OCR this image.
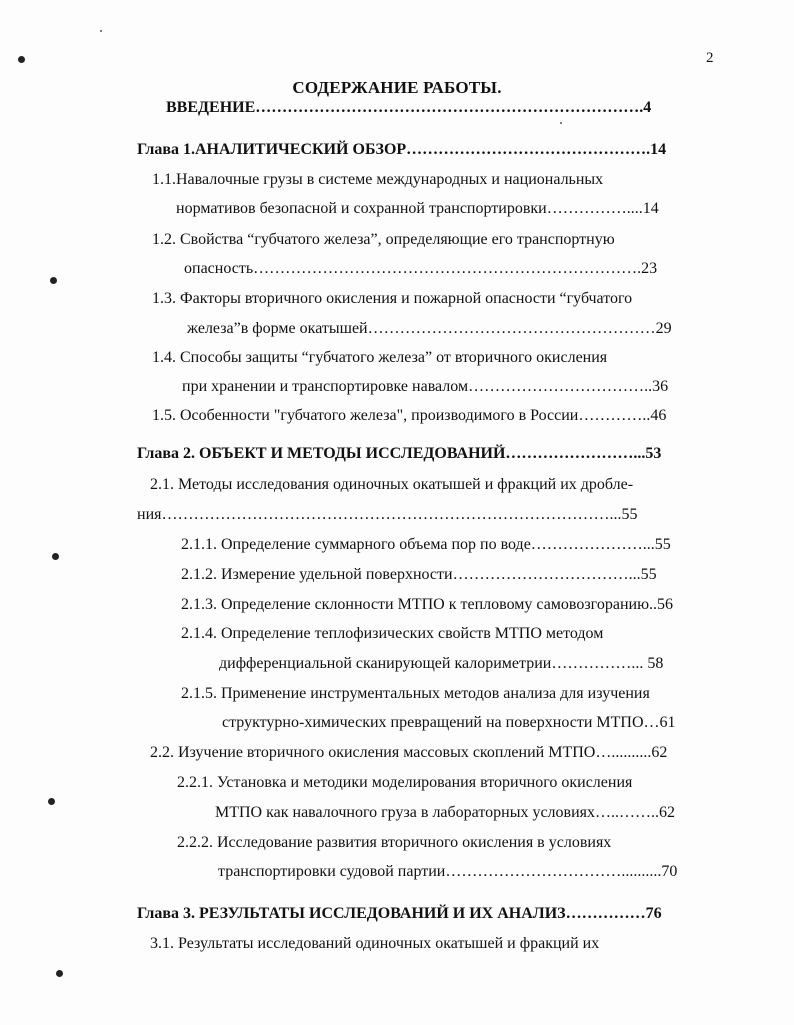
2
СОДЕРЖАНИЕ РАБОТЫ.
ВВЕДЕНИЕ……………………………………………………………….4
Глава 1.АНАЛИТИЧЕСКИЙ ОБЗОР……………………………………….14
1.1.Навалочные грузы в системе международных и национальных
нормативов безопасной и сохранной транспортировки……………....14
1.2. Свойства “губчатого железа”, определяющие его транспортную
опасность……………………………………………………………….23
1.3. Факторы вторичного окисления и пожарной опасности “губчатого
железа”в форме окатышей………………………………………………29
1.4. Способы защиты “губчатого железа” от вторичного окисления
при хранении и транспортировке навалом……………………………..36
1.5. Особенности "губчатого железа", производимого в России…………..46
Глава 2. ОБЪЕКТ И МЕТОДЫ ИССЛЕДОВАНИЙ……………………...53
2.1. Методы исследования одиночных окатышей и фракций их дробле-
ния…………………………………………………………………………...55
2.1.1. Определение суммарного объема пор по воде…………………...55
2.1.2. Измерение удельной поверхности……………………………...55
2.1.3. Определение склонности МТПО к тепловому самовозгоранию..56
2.1.4. Определение теплофизических свойств МТПО методом
дифференциальной сканирующей калориметрии……………... 58
2.1.5. Применение инструментальных методов анализа для изучения
структурно-химических превращений на поверхности МТПО…61
2.2. Изучение вторичного окисления массовых скоплений МТПО…..........62
2.2.1. Установка и методики моделирования вторичного окисления
МТПО как навалочного груза в лабораторных условиях…..……..62
2.2.2. Исследование развития вторичного окисления в условиях
транспортировки судовой партии……………………………..........70
Глава 3. РЕЗУЛЬТАТЫ ИССЛЕДОВАНИЙ И ИХ АНАЛИЗ……………76
3.1. Результаты исследований одиночных окатышей и фракций их
